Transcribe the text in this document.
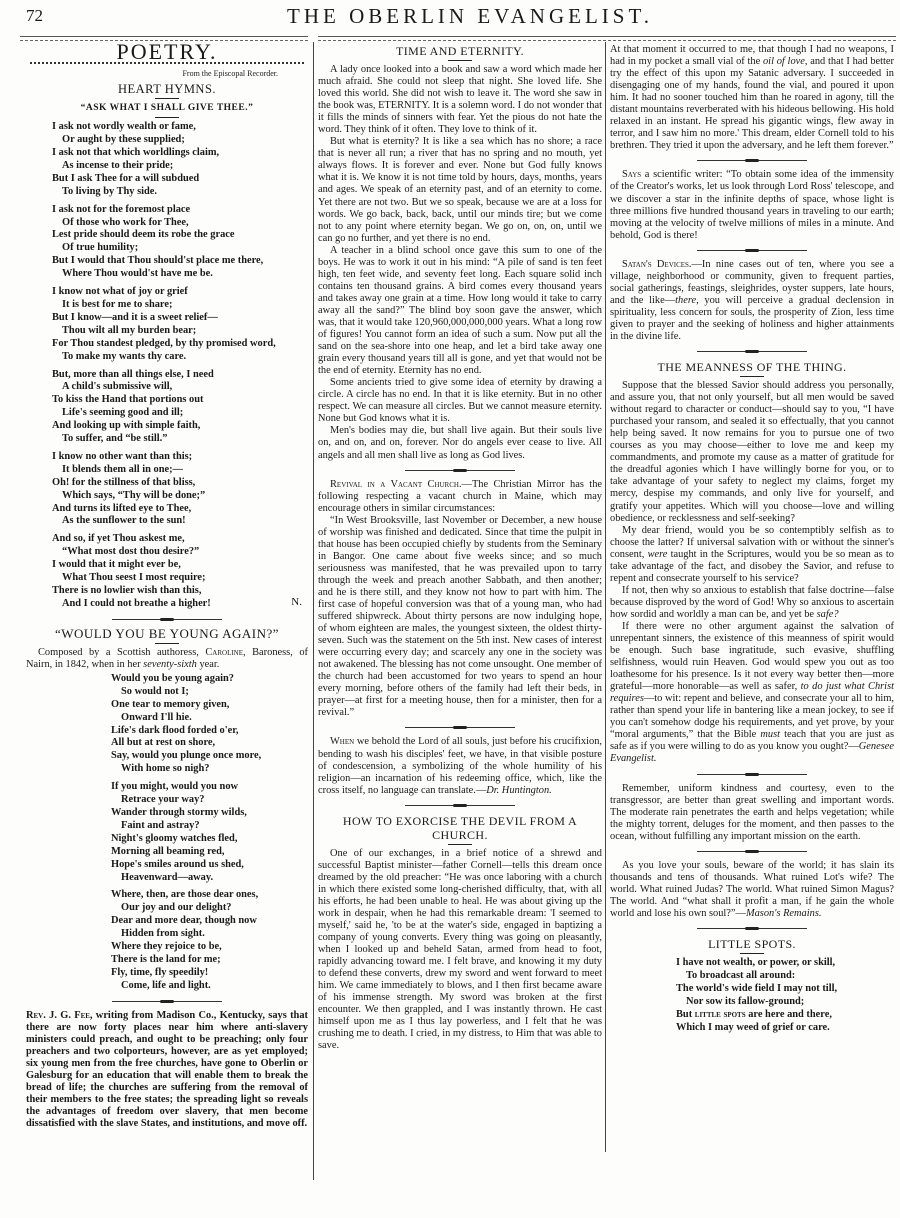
72	THE OBERLIN EVANGELIST.
POETRY.
From the Episcopal Recorder.
HEART HYMNS.
“ASK WHAT I SHALL GIVE THEE.”
I ask not wordly wealth or fame,
Or aught by these supplied;
I ask not that which worldlings claim,
As incense to their pride;
But I ask Thee for a will subdued
To living by Thy side.
I ask not for the foremost place
Of those who work for Thee,
Lest pride should deem its robe the grace
Of true humility;
But I would that Thou should'st place me there,
Where Thou would'st have me be.
I know not what of joy or grief
It is best for me to share;
But I know—and it is a sweet relief—
Thou wilt all my burden bear;
For Thou standest pledged, by thy promised word,
To make my wants thy care.
But, more than all things else, I need
A child's submissive will,
To kiss the Hand that portions out
Life's seeming good and ill;
And looking up with simple faith,
To suffer, and “be still.”
I know no other want than this;
It blends them all in one;—
Oh! for the stillness of that bliss,
Which says, “Thy will be done;”
And turns its lifted eye to Thee,
As the sunflower to the sun!
And so, if yet Thou askest me,
“What most dost thou desire?”
I would that it might ever be,
What Thou seest I most require;
There is no lowlier wish than this,
And I could not breathe a higher!	N.
“WOULD YOU BE YOUNG AGAIN?”

Composed by a Scottish authoress, Caroline, Baroness, of Nairn, in 1842, when in her seventy-sixth year.

Would you be young again?
So would not I;
One tear to memory given,
Onward I'll hie.
Life's dark flood forded o'er,
All but at rest on shore,
Say, would you plunge once more,
With home so nigh?
If you might, would you now
Retrace your way?
Wander through stormy wilds,
Faint and astray?
Night's gloomy watches fled,
Morning all beaming red,
Hope's smiles around us shed,
Heavenward—away.
Where, then, are those dear ones,
Our joy and our delight?
Dear and more dear, though now
Hidden from sight.
Where they rejoice to be,
There is the land for me;
Fly, time, fly speedily!
Come, life and light.

Rev. J. G. Fee, writing from Madison Co., Kentucky, says that there are now forty places near him where anti-slavery ministers could preach, and ought to be preaching; only four preachers and two colporteurs, however, are as yet employed; six young men from the free churches, have gone to Oberlin or Galesburg for an education that will enable them to break the bread of life; the churches are suffering from the removal of their members to the free states; the spreading light so reveals the advantages of freedom over slavery, that men become dissatisfied with the slave States, and institutions, and move off.

TIME AND ETERNITY.

A lady once looked into a book and saw a word which made her much afraid. She could not sleep that night. She loved life. She loved this world. She did not wish to leave it. The word she saw in the book was, ETERNITY. It is a solemn word. I do not wonder that it fills the minds of sinners with fear. Yet the pious do not hate the word. They think of it often. They love to think of it.

But what is eternity? It is like a sea which has no shore; a race that is never all run; a river that has no spring and no mouth, yet always flows. It is forever and ever. None but God fully knows what it is. We know it is not time told by hours, days, months, years and ages. We speak of an eternity past, and of an eternity to come. Yet there are not two. But we so speak, because we are at a loss for words. We go back, back, back, until our minds tire; but we come not to any point where eternity began. We go on, on, on, until we can go no further, and yet there is no end.

A teacher in a blind school once gave this sum to one of the boys. He was to work it out in his mind: “A pile of sand is ten feet high, ten feet wide, and seventy feet long. Each square solid inch contains ten thousand grains. A bird comes every thousand years and takes away one grain at a time. How long would it take to carry away all the sand?” The blind boy soon gave the answer, which was, that it would take 120,960,000,000,000 years. What a long row of figures! You cannot form an idea of such a sum. Now put all the sand on the sea-shore into one heap, and let a bird take away one grain every thousand years till all is gone, and yet that would not be the end of eternity. Eternity has no end.

Some ancients tried to give some idea of eternity by drawing a circle. A circle has no end. In that it is like eternity. But in no other respect. We can measure all circles. But we cannot measure eternity. None but God knows what it is.

Men's bodies may die, but shall live again. But their souls live on, and on, and on, forever. Nor do angels ever cease to live. All angels and all men shall live as long as God lives.

Revival in a Vacant Church.—The Christian Mirror has the following respecting a vacant church in Maine, which may encourage others in similar circumstances:

“In West Brooksville, last November or December, a new house of worship was finished and dedicated. Since that time the pulpit in that house has been occupied chiefly by students from the Seminary in Bangor. One came about five weeks since; and so much seriousness was manifested, that he was prevailed upon to tarry through the week and preach another Sabbath, and then another; and he is there still, and they know not how to part with him. The first case of hopeful conversion was that of a young man, who had suffered shipwreck. About thirty persons are now indulging hope, of whom eighteen are males, the youngest sixteen, the oldest thirty-seven. Such was the statement on the 5th inst. New cases of interest were occurring every day; and scarcely any one in the society was not awakened. The blessing has not come unsought. One member of the church had been accustomed for two years to spend an hour every morning, before others of the family had left their beds, in prayer—at first for a meeting house, then for a minister, then for a revival.”

When we behold the Lord of all souls, just before his crucifixion, bending to wash his disciples' feet, we have, in that visible posture of condescension, a symbolizing of the whole humility of his religion—an incarnation of his redeeming office, which, like the cross itself, no language can translate.—Dr. Huntington.

HOW TO EXORCISE THE DEVIL FROM A CHURCH.

One of our exchanges, in a brief notice of a shrewd and successful Baptist minister—father Cornell—tells this dream once dreamed by the old preacher: “He was once laboring with a church in which there existed some long-cherished difficulty, that, with all his efforts, he had been unable to heal. He was about giving up the work in despair, when he had this remarkable dream: 'I seemed to myself,' said he, 'to be at the water's side, engaged in baptizing a company of young converts. Every thing was going on pleasantly, when I looked up and beheld Satan, armed from head to foot, rapidly advancing toward me. I felt brave, and knowing it my duty to defend these converts, drew my sword and went forward to meet him. We came immediately to blows, and I then first became aware of his immense strength. My sword was broken at the first encounter. We then grappled, and I was instantly thrown. He cast himself upon me as I thus lay powerless, and I felt that he was crushing me to death. I cried, in my distress, to Him that was able to save.

At that moment it occurred to me, that though I had no weapons, I had in my pocket a small vial of the oil of love, and that I had better try the effect of this upon my Satanic adversary. I succeeded in disengaging one of my hands, found the vial, and poured it upon him. It had no sooner touched him than he roared in agony, till the distant mountains reverberated with his hideous bellowing. His hold relaxed in an instant. He spread his gigantic wings, flew away in terror, and I saw him no more.' This dream, elder Cornell told to his brethren. They tried it upon the adversary, and he left them forever.”

Says a scientific writer: “To obtain some idea of the immensity of the Creator's works, let us look through Lord Ross' telescope, and we discover a star in the infinite depths of space, whose light is three millions five hundred thousand years in traveling to our earth; moving at the velocity of twelve millions of miles in a minute. And behold, God is there!

Satan's Devices.—In nine cases out of ten, where you see a village, neighborhood or community, given to frequent parties, social gatherings, feastings, sleighrides, oyster suppers, late hours, and the like—there, you will perceive a gradual declension in spirituality, less concern for souls, the prosperity of Zion, less time given to prayer and the seeking of holiness and higher attainments in the divine life.

THE MEANNESS OF THE THING.

Suppose that the blessed Savior should address you personally, and assure you, that not only yourself, but all men would be saved without regard to character or conduct—should say to you, “I have purchased your ransom, and sealed it so effectually, that you cannot help being saved. It now remains for you to pursue one of two courses as you may choose—either to love me and keep my commandments, and promote my cause as a matter of gratitude for the dreadful agonies which I have willingly borne for you, or to take advantage of your safety to neglect my claims, forget my mercy, despise my commands, and only live for yourself, and gratify your appetites. Which will you choose—love and willing obedience, or recklessness and self-seeking?

My dear friend, would you be so contemptibly selfish as to choose the latter? If universal salvation with or without the sinner's consent, were taught in the Scriptures, would you be so mean as to take advantage of the fact, and disobey the Savior, and refuse to repent and consecrate yourself to his service?

If not, then why so anxious to establish that false doctrine—false because disproved by the word of God! Why so anxious to ascertain how sordid and worldly a man can be, and yet be safe?

If there were no other argument against the salvation of unrepentant sinners, the existence of this meanness of spirit would be enough. Such base ingratitude, such evasive, shuffling selfishness, would ruin Heaven. God would spew you out as too loathesome for his presence. Is it not every way better then—more grateful—more honorable—as well as safer, to do just what Christ requires—to wit: repent and believe, and consecrate your all to him, rather than spend your life in bantering like a mean jockey, to see if you can't somehow dodge his requirements, and yet prove, by your “moral arguments,” that the Bible must teach that you are just as safe as if you were willing to do as you know you ought?—Genesee Evangelist.

Remember, uniform kindness and courtesy, even to the transgressor, are better than great swelling and important words. The moderate rain penetrates the earth and helps vegetation; while the mighty torrent, deluges for the moment, and then passes to the ocean, without fulfilling any important mission on the earth.

As you love your souls, beware of the world; it has slain its thousands and tens of thousands. What ruined Lot's wife? The world. What ruined Judas? The world. What ruined Simon Magus? The world. And “what shall it profit a man, if he gain the whole world and lose his own soul?”—Mason's Remains.

LITTLE SPOTS.
I have not wealth, or power, or skill,
To broadcast all around:
The world's wide field I may not till,
Nor sow its fallow-ground;
But little spots are here and there,
Which I may weed of grief or care.
